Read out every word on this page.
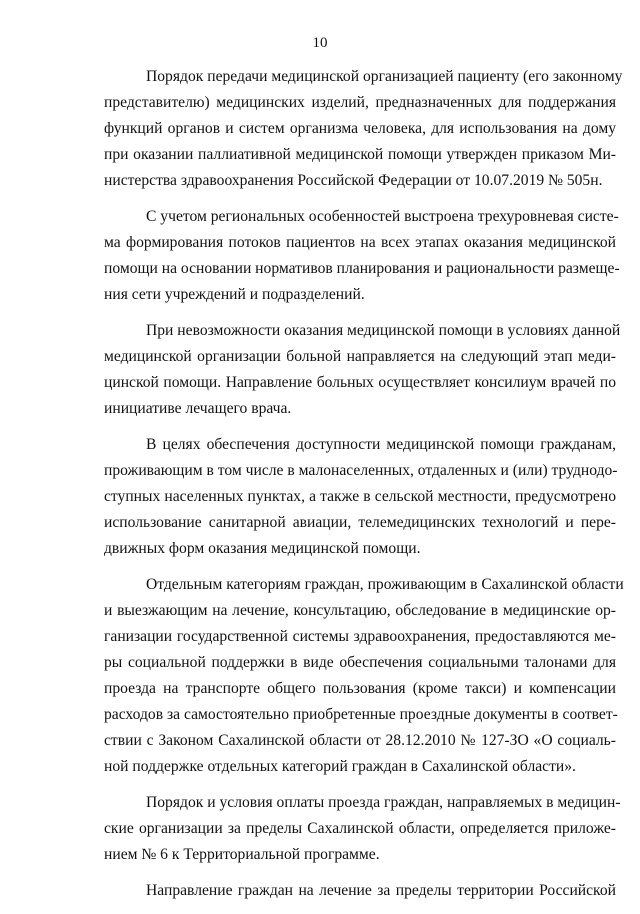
10
Порядок передачи медицинской организацией пациенту (его законному
представителю) медицинских изделий, предназначенных для поддержания
функций органов и систем организма человека, для использования на дому
при оказании паллиативной медицинской помощи утвержден приказом Ми-
нистерства здравоохранения Российской Федерации от 10.07.2019 № 505н.
С учетом региональных особенностей выстроена трехуровневая систе-
ма формирования потоков пациентов на всех этапах оказания медицинской
помощи на основании нормативов планирования и рациональности размеще-
ния сети учреждений и подразделений.
При невозможности оказания медицинской помощи в условиях данной
медицинской организации больной направляется на следующий этап меди-
цинской помощи. Направление больных осуществляет консилиум врачей по
инициативе лечащего врача.
В целях обеспечения доступности медицинской помощи гражданам,
проживающим в том числе в малонаселенных, отдаленных и (или) труднодо-
ступных населенных пунктах, а также в сельской местности, предусмотрено
использование санитарной авиации, телемедицинских технологий и пере-
движных форм оказания медицинской помощи.
Отдельным категориям граждан, проживающим в Сахалинской области
и выезжающим на лечение, консультацию, обследование в медицинские ор-
ганизации государственной системы здравоохранения, предоставляются ме-
ры социальной поддержки в виде обеспечения социальными талонами для
проезда на транспорте общего пользования (кроме такси) и компенсации
расходов за самостоятельно приобретенные проездные документы в соответ-
ствии с Законом Сахалинской области от 28.12.2010 № 127-ЗО «О социаль-
ной поддержке отдельных категорий граждан в Сахалинской области».
Порядок и условия оплаты проезда граждан, направляемых в медицин-
ские организации за пределы Сахалинской области, определяется приложе-
нием № 6 к Территориальной программе.
Направление граждан на лечение за пределы территории Российской
